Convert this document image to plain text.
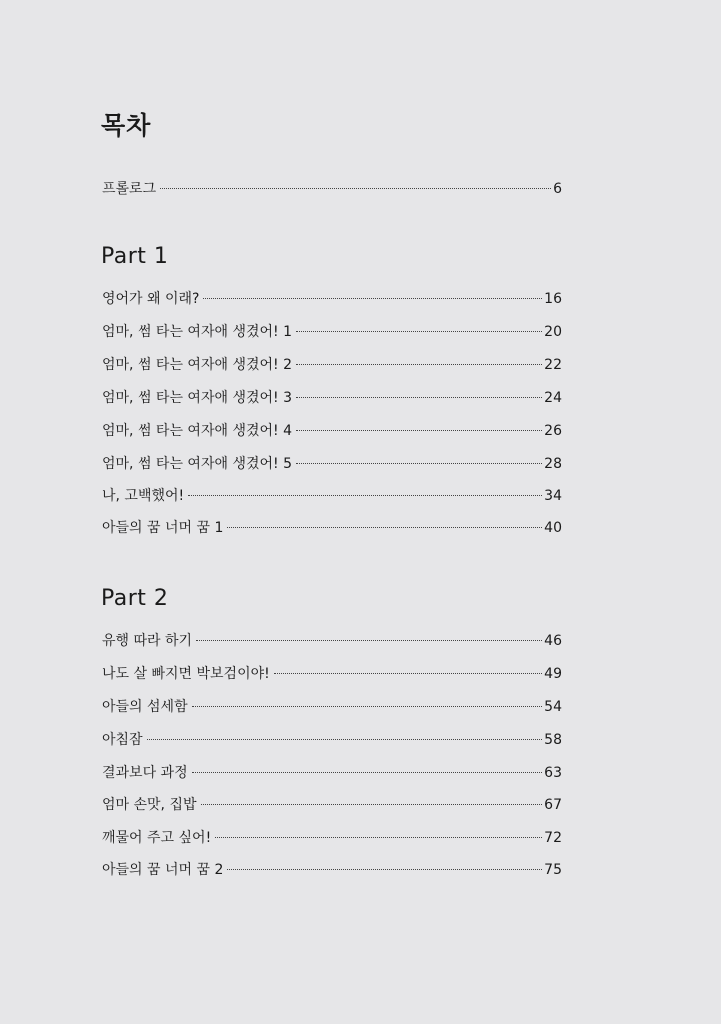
목차
프롤로그	6
Part 1
영어가 왜 이래?	16
엄마, 썸 타는 여자애 생겼어! 1	20
엄마, 썸 타는 여자애 생겼어! 2	22
엄마, 썸 타는 여자애 생겼어! 3	24
엄마, 썸 타는 여자애 생겼어! 4	26
엄마, 썸 타는 여자애 생겼어! 5	28
나, 고백했어!	34
아들의 꿈 너머 꿈 1	40
Part 2
유행 따라 하기	46
나도 살 빠지면 박보검이야!	49
아들의 섬세함	54
아침잠	58
결과보다 과정	63
엄마 손맛, 집밥	67
깨물어 주고 싶어!	72
아들의 꿈 너머 꿈 2	75
